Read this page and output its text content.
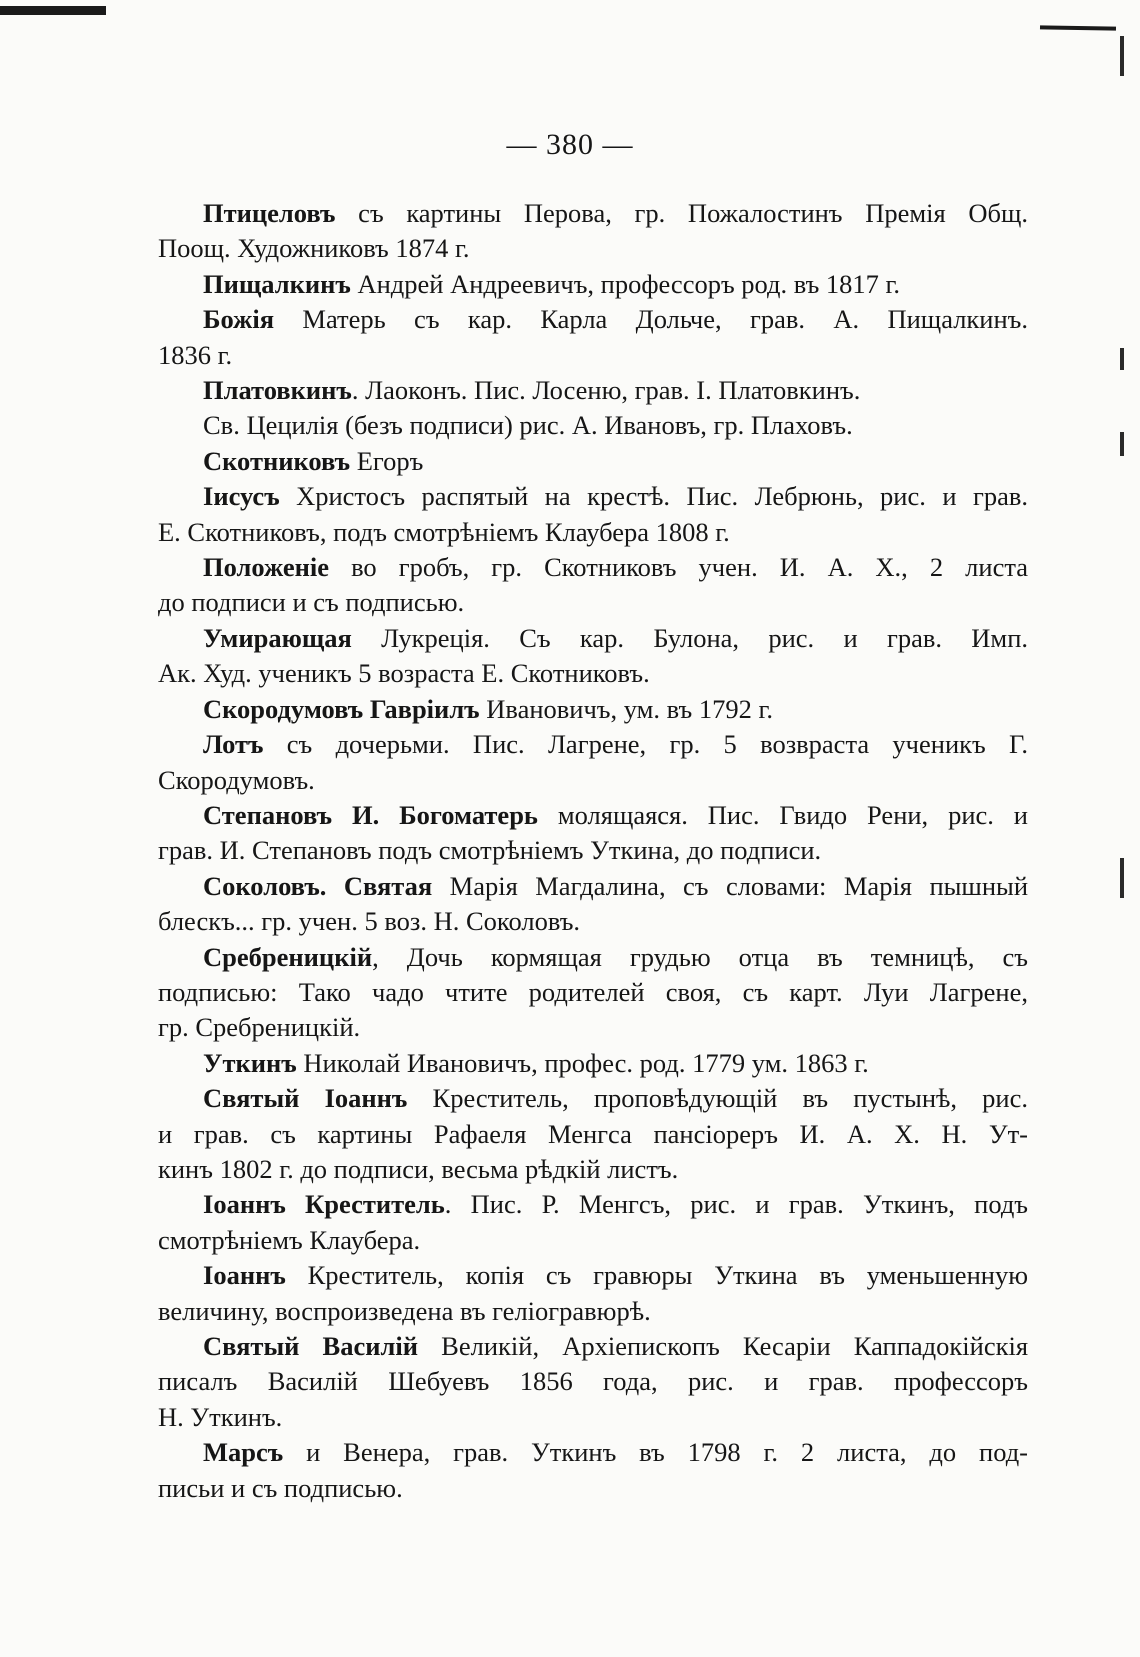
— 380 —
Птицеловъ съ картины Перова, гр. Пожалостинъ Премія Общ.
Поощ. Художниковъ 1874 г.
Пищалкинъ Андрей Андреевичъ, профессоръ род. въ 1817 г.
Божія Матерь съ кар. Карла Дольче, грав. А. Пищалкинъ.
1836 г.
Платовкинъ. Лаоконъ. Пис. Лосеню, грав. I. Платовкинъ.
Св. Цецилія (безъ подписи) рис. А. Ивановъ, гр. Плаховъ.
Скотниковъ Егоръ
Iисусъ Христосъ распятый на крестѣ. Пис. Лебрюнь, рис. и грав.
Е. Скотниковъ, подъ смотрѣніемъ Клаубера 1808 г.
Положеніе во гробъ, гр. Скотниковъ учен. И. А. Х., 2 листа
до подписи и съ подписью.
Умирающая Лукреція. Съ кар. Булона, рис. и грав. Имп.
Ак. Худ. ученикъ 5 возраста Е. Скотниковъ.
Скородумовъ Гавріилъ Ивановичъ, ум. въ 1792 г.
Лотъ съ дочерьми. Пис. Лагрене, гр. 5 возвраста ученикъ Г.
Скородумовъ.
Степановъ И. Богоматерь молящаяся. Пис. Гвидо Рени, рис. и
грав. И. Степановъ подъ смотрѣніемъ Уткина, до подписи.
Соколовъ. Святая Марія Магдалина, съ словами: Марія пышный
блескъ... гр. учен. 5 воз. Н. Соколовъ.
Сребреницкій, Дочь кормящая грудью отца въ темницѣ, съ
подписью: Тако чадо чтите родителей своя, съ карт. Луи Лагрене,
гр. Сребреницкій.
Уткинъ Николай Ивановичъ, профес. род. 1779 ум. 1863 г.
Святый Iоаннъ Креститель, проповѣдующій въ пустынѣ, рис.
и грав. съ картины Рафаеля Менгса пансіореръ И. А. Х. Н. Ут-
кинъ 1802 г. до подписи, весьма рѣдкій листъ.
Iоаннъ Креститель. Пис. Р. Менгсъ, рис. и грав. Уткинъ, подъ
смотрѣніемъ Клаубера.
Iоаннъ Креститель, копія съ гравюры Уткина въ уменьшенную
величину, воспроизведена въ геліогравюрѣ.
Святый Василій Великій, Архіепископъ Кесаріи Каппадокійскія
писалъ Василій Шебуевъ 1856 года, рис. и грав. профессоръ
Н. Уткинъ.
Марсъ и Венера, грав. Уткинъ въ 1798 г. 2 листа, до под-
письи и съ подписью.
